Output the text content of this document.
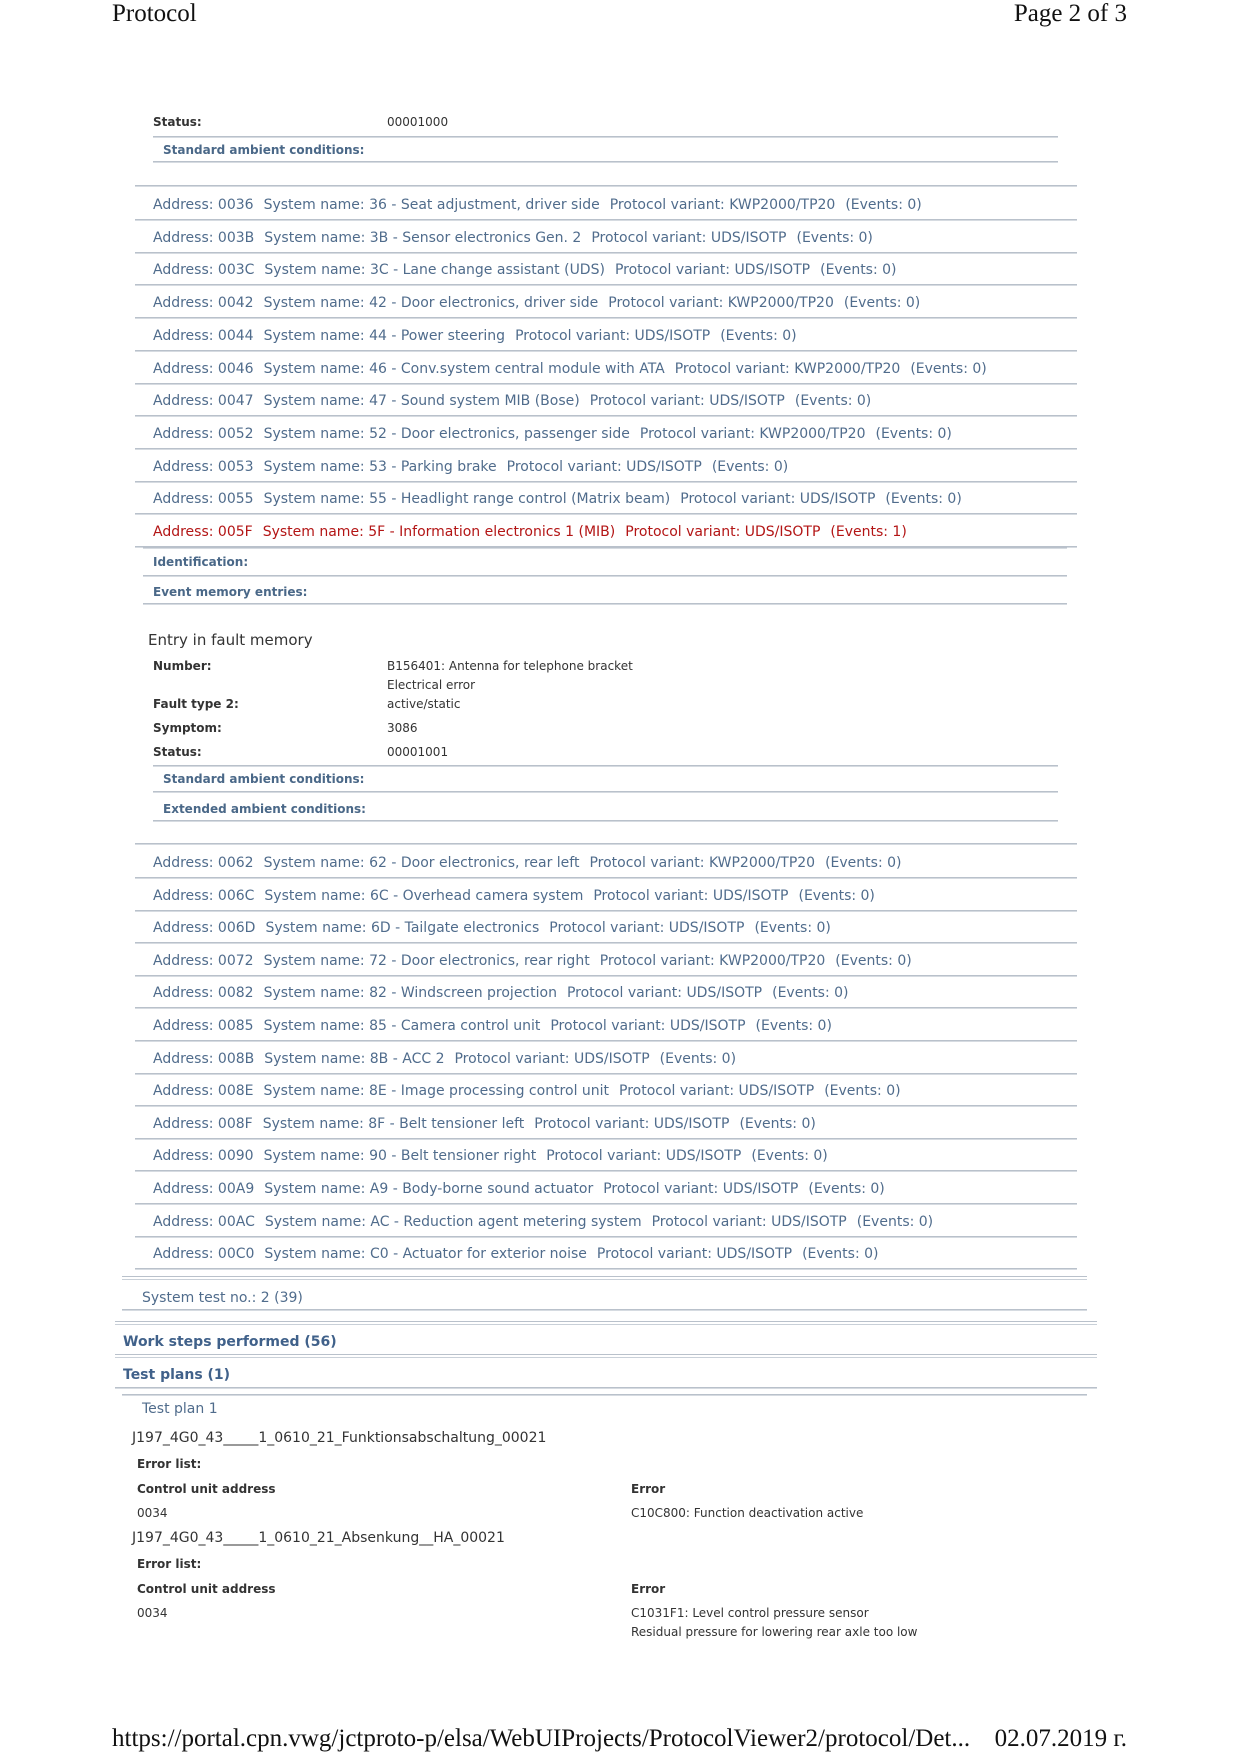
Protocol	Page 2 of 3
https://portal.cpn.vwg/jctproto-p/elsa/WebUIProjects/ProtocolViewer2/protocol/Det... 02.07.2019 г.
Status:	00001000
Standard ambient conditions:
Address: 0036 System name: 36 - Seat adjustment, driver side Protocol variant: KWP2000/TP20 (Events: 0)
Address: 003B System name: 3B - Sensor electronics Gen. 2 Protocol variant: UDS/ISOTP (Events: 0)
Address: 003C System name: 3C - Lane change assistant (UDS) Protocol variant: UDS/ISOTP (Events: 0)
Address: 0042 System name: 42 - Door electronics, driver side Protocol variant: KWP2000/TP20 (Events: 0)
Address: 0044 System name: 44 - Power steering Protocol variant: UDS/ISOTP (Events: 0)
Address: 0046 System name: 46 - Conv.system central module with ATA Protocol variant: KWP2000/TP20 (Events: 0)
Address: 0047 System name: 47 - Sound system MIB (Bose) Protocol variant: UDS/ISOTP (Events: 0)
Address: 0052 System name: 52 - Door electronics, passenger side Protocol variant: KWP2000/TP20 (Events: 0)
Address: 0053 System name: 53 - Parking brake Protocol variant: UDS/ISOTP (Events: 0)
Address: 0055 System name: 55 - Headlight range control (Matrix beam) Protocol variant: UDS/ISOTP (Events: 0)
Address: 005F System name: 5F - Information electronics 1 (MIB) Protocol variant: UDS/ISOTP (Events: 1)
Identification:
Event memory entries:
Entry in fault memory
Number:	B156401: Antenna for telephone bracket
Electrical error
Fault type 2:	active/static
Symptom:	3086
Status:	00001001
Standard ambient conditions:
Extended ambient conditions:
Address: 0062 System name: 62 - Door electronics, rear left Protocol variant: KWP2000/TP20 (Events: 0)
Address: 006C System name: 6C - Overhead camera system Protocol variant: UDS/ISOTP (Events: 0)
Address: 006D System name: 6D - Tailgate electronics Protocol variant: UDS/ISOTP (Events: 0)
Address: 0072 System name: 72 - Door electronics, rear right Protocol variant: KWP2000/TP20 (Events: 0)
Address: 0082 System name: 82 - Windscreen projection Protocol variant: UDS/ISOTP (Events: 0)
Address: 0085 System name: 85 - Camera control unit Protocol variant: UDS/ISOTP (Events: 0)
Address: 008B System name: 8B - ACC 2 Protocol variant: UDS/ISOTP (Events: 0)
Address: 008E System name: 8E - Image processing control unit Protocol variant: UDS/ISOTP (Events: 0)
Address: 008F System name: 8F - Belt tensioner left Protocol variant: UDS/ISOTP (Events: 0)
Address: 0090 System name: 90 - Belt tensioner right Protocol variant: UDS/ISOTP (Events: 0)
Address: 00A9 System name: A9 - Body-borne sound actuator Protocol variant: UDS/ISOTP (Events: 0)
Address: 00AC System name: AC - Reduction agent metering system Protocol variant: UDS/ISOTP (Events: 0)
Address: 00C0 System name: C0 - Actuator for exterior noise Protocol variant: UDS/ISOTP (Events: 0)
System test no.: 2 (39)
Work steps performed (56)
Test plans (1)
Test plan 1
J197_4G0_43_____1_0610_21_Funktionsabschaltung_00021
Error list:
Control unit address	Error
0034	C10C800: Function deactivation active
J197_4G0_43_____1_0610_21_Absenkung__HA_00021
Error list:
Control unit address	Error
0034	C1031F1: Level control pressure sensor
Residual pressure for lowering rear axle too low
